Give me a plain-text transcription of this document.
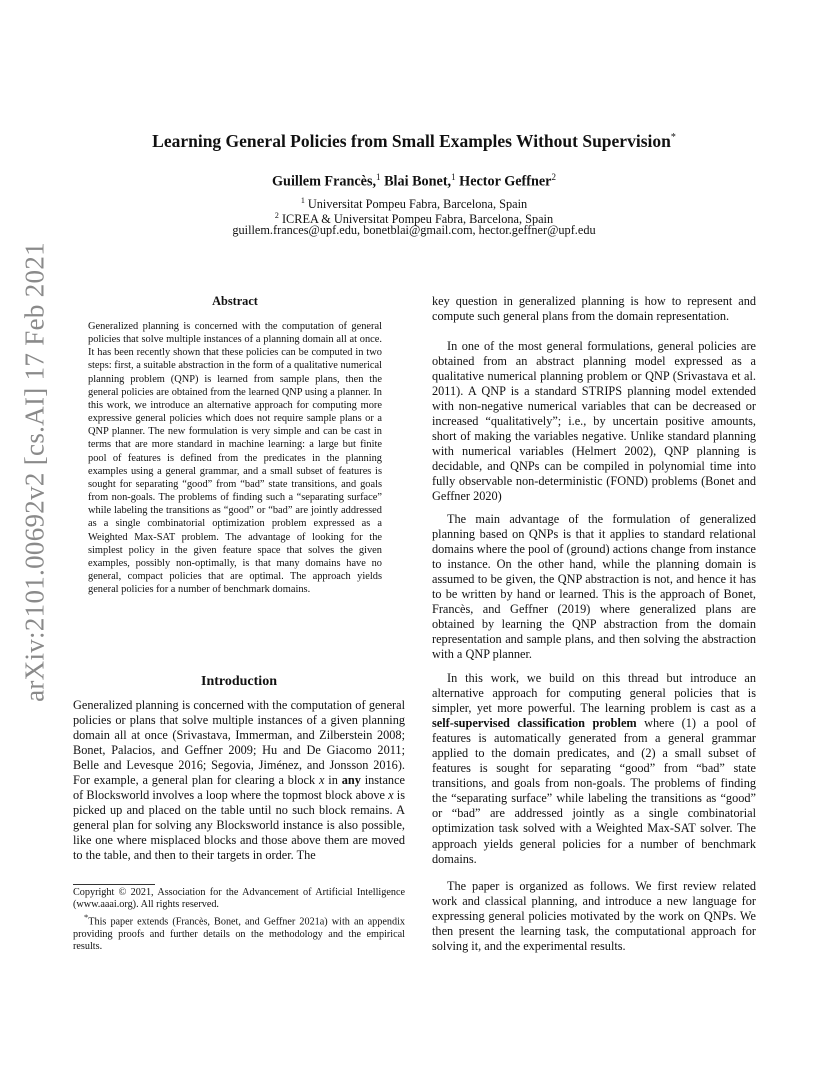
Learning General Policies from Small Examples Without Supervision*
Guillem Francès,$^1$ Blai Bonet,$^1$ Hector Geffner$^2$
$^1$ Universitat Pompeu Fabra, Barcelona, Spain
$^2$ ICREA & Universitat Pompeu Fabra, Barcelona, Spain
guillem.frances@upf.edu, bonetblai@gmail.com, hector.geffner@upf.edu
arXiv:2101.00692v2 [cs.AI] 17 Feb 2021	Abstract

Generalized planning is concerned with the computation of general policies that solve multiple instances of a planning domain all at once. It has been recently shown that these policies can be computed in two steps: first, a suitable abstraction in the form of a qualitative numerical planning problem (QNP) is learned from sample plans, then the general policies are obtained from the learned QNP using a planner. In this work, we introduce an alternative approach for computing more expressive general policies which does not require sample plans or a QNP planner. The new formulation is very simple and can be cast in terms that are more standard in machine learning: a large but finite pool of features is defined from the predicates in the planning examples using a general grammar, and a small subset of features is sought for separating “good” from “bad” state transitions, and goals from non-goals. The problems of finding such a “separating surface” while labeling the transitions as “good” or “bad” are jointly addressed as a single combinatorial optimization problem expressed as a Weighted Max-SAT problem. The advantage of looking for the simplest policy in the given feature space that solves the given examples, possibly non-optimally, is that many domains have no general, compact policies that are optimal. The approach yields general policies for a number of benchmark domains.

Introduction

Generalized planning is concerned with the computation of general policies or plans that solve multiple instances of a given planning domain all at once (Srivastava, Immerman, and Zilberstein 2008; Bonet, Palacios, and Geffner 2009; Hu and De Giacomo 2011; Belle and Levesque 2016; Segovia, Jiménez, and Jonsson 2016). For example, a general plan for clearing a block x in any instance of Blocksworld involves a loop where the topmost block above x is picked up and placed on the table until no such block remains. A general plan for solving any Blocksworld instance is also possible, like one where misplaced blocks and those above them are moved to the table, and then to their targets in order. The

Copyright © 2021, Association for the Advancement of Artificial Intelligence (www.aaai.org). All rights reserved.

*This paper extends (Francès, Bonet, and Geffner 2021a) with an appendix providing proofs and further details on the methodology and the empirical results.

key question in generalized planning is how to represent and compute such general plans from the domain representation.

In one of the most general formulations, general policies are obtained from an abstract planning model expressed as a qualitative numerical planning problem or QNP (Srivastava et al. 2011). A QNP is a standard STRIPS planning model extended with non-negative numerical variables that can be decreased or increased “qualitatively”; i.e., by uncertain positive amounts, short of making the variables negative. Unlike standard planning with numerical variables (Helmert 2002), QNP planning is decidable, and QNPs can be compiled in polynomial time into fully observable non-deterministic (FOND) problems (Bonet and Geffner 2020)

The main advantage of the formulation of generalized planning based on QNPs is that it applies to standard relational domains where the pool of (ground) actions change from instance to instance. On the other hand, while the planning domain is assumed to be given, the QNP abstraction is not, and hence it has to be written by hand or learned. This is the approach of Bonet, Francès, and Geffner (2019) where generalized plans are obtained by learning the QNP abstraction from the domain representation and sample plans, and then solving the abstraction with a QNP planner.

In this work, we build on this thread but introduce an alternative approach for computing general policies that is simpler, yet more powerful. The learning problem is cast as a self-supervised classification problem where (1) a pool of features is automatically generated from a general grammar applied to the domain predicates, and (2) a small subset of features is sought for separating “good” from “bad” state transitions, and goals from non-goals. The problems of finding the “separating surface” while labeling the transitions as “good” or “bad” are addressed jointly as a single combinatorial optimization task solved with a Weighted Max-SAT solver. The approach yields general policies for a number of benchmark domains.

The paper is organized as follows. We first review related work and classical planning, and introduce a new language for expressing general policies motivated by the work on QNPs. We then present the learning task, the computational approach for solving it, and the experimental results.
